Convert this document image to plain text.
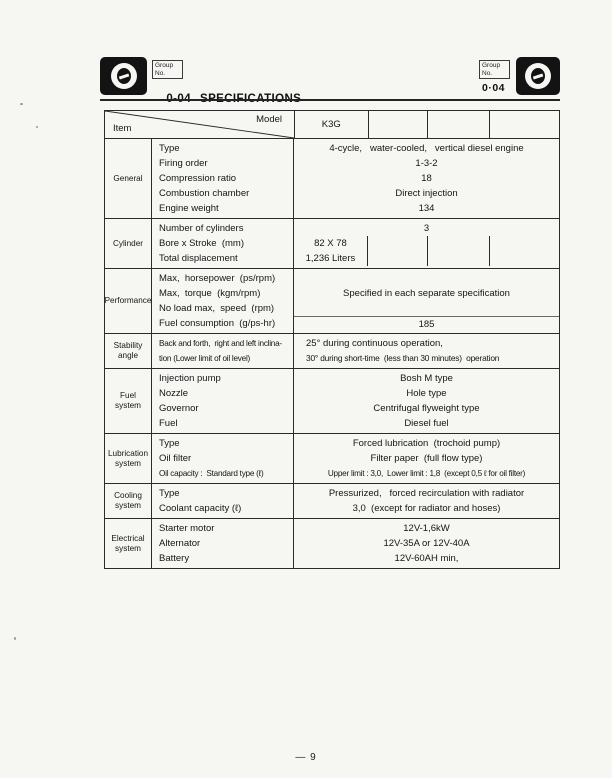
Group
No.

Group
No.
0·04
Model
Item	K3G
General
Type
Firing order
Compression ratio
Combustion chamber
Engine weight
4-cycle,   water-cooled,   vertical diesel engine
1-3-2
18
Direct injection
134
Cylinder
Number of cylinders
Bore x Stroke  (mm)
Total displacement
3
82 X 78
1,236 Liters
Performance
Max,  horsepower  (ps/rpm)
Max,  torque  (kgm/rpm)
No load max,  speed  (rpm)
Fuel consumption  (g/ps-hr)
Specified in each separate specification
185
Stability angle
Back and forth,  right and left inclina-
tion (Lower limit of oil level)
25° during continuous operation,
30° during short-time  (less than 30 minutes)  operation
Fuel system
Injection pump
Nozzle
Governor
Fuel
Bosh M type
Hole type
Centrifugal flyweight type
Diesel fuel
Lubrication system
Type
Oil filter
Oil capacity :  Standard type (ℓ)
Forced lubrication  (trochoid pump)
Filter paper  (full flow type)
Upper limit : 3,0,  Lower limit : 1,8  (except 0,5 ℓ for oil filter)
Cooling system
Type
Coolant capacity (ℓ)
Pressurized,   forced recirculation with radiator
3,0  (except for radiator and hoses)
Electrical system
Starter motor
Alternator
Battery
12V-1,6kW
12V-35A or 12V-40A
12V-60AH min,
— 9
